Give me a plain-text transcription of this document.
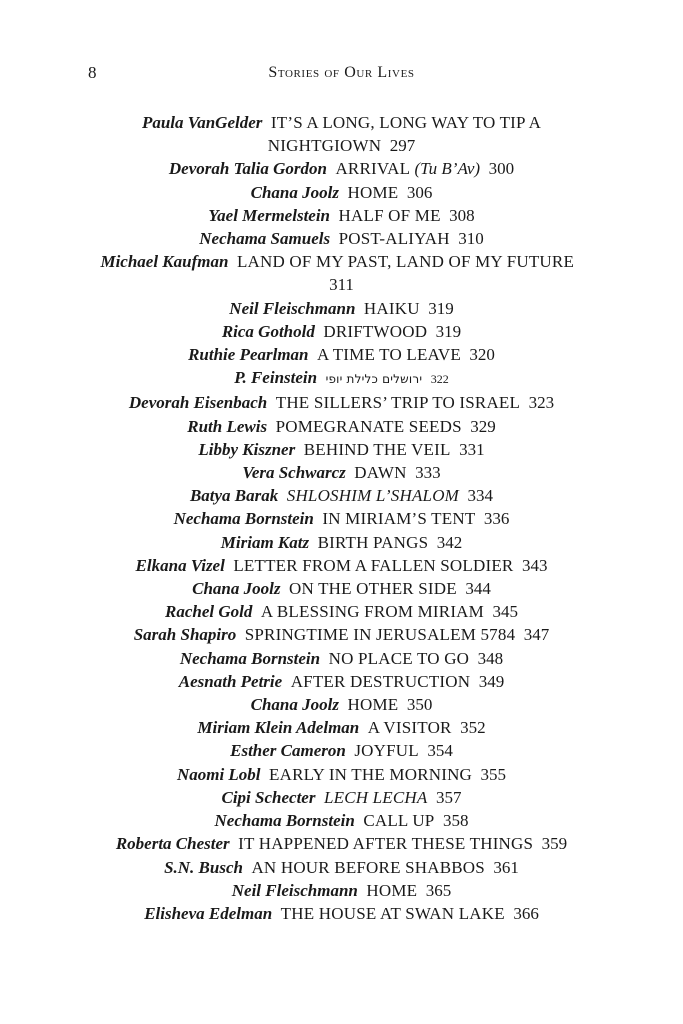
8	Stories of Our Lives
Paula VanGelder  IT’S A LONG, LONG WAY TO TIP A NIGHTGIOWN  297
Devorah Talia Gordon  ARRIVAL (Tu B’Av)  300
Chana Joolz  HOME  306
Yael Mermelstein  HALF OF ME  308
Nechama Samuels  POST-ALIYAH  310
Michael Kaufman  LAND OF MY PAST, LAND OF MY FUTURE 311
Neil Fleischmann  HAIKU  319
Rica Gothold  DRIFTWOOD  319
Ruthie Pearlman  A TIME TO LEAVE  320
P. Feinstein  ירושלים כלילת יופי  322
Devorah Eisenbach  THE SILLERS’ TRIP TO ISRAEL  323
Ruth Lewis  POMEGRANATE SEEDS  329
Libby Kiszner  BEHIND THE VEIL  331
Vera Schwarcz  DAWN  333
Batya Barak  SHLOSHIM L’SHALOM  334
Nechama Bornstein  IN MIRIAM’S TENT  336
Miriam Katz  BIRTH PANGS  342
Elkana Vizel  LETTER FROM A FALLEN SOLDIER  343
Chana Joolz  ON THE OTHER SIDE  344
Rachel Gold  A BLESSING FROM MIRIAM  345
Sarah Shapiro  SPRINGTIME IN JERUSALEM 5784  347
Nechama Bornstein  NO PLACE TO GO  348
Aesnath Petrie  AFTER DESTRUCTION  349
Chana Joolz  HOME  350
Miriam Klein Adelman  A VISITOR  352
Esther Cameron  JOYFUL  354
Naomi Lobl  EARLY IN THE MORNING  355
Cipi Schecter  LECH LECHA  357
Nechama Bornstein  CALL UP  358
Roberta Chester  IT HAPPENED AFTER THESE THINGS  359
S.N. Busch  AN HOUR BEFORE SHABBOS  361
Neil Fleischmann  HOME  365
Elisheva Edelman  THE HOUSE AT SWAN LAKE  366
